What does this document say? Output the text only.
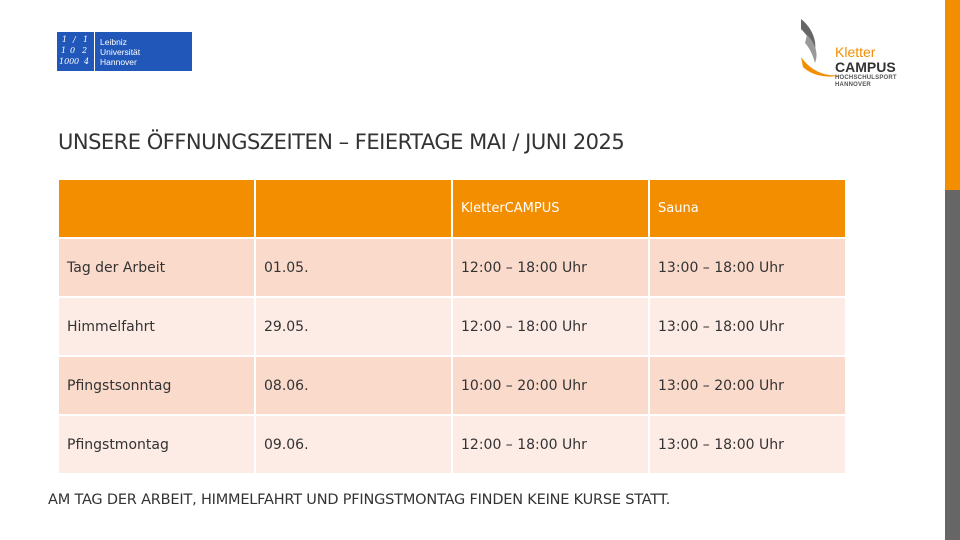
1 / 1
1 0 2
100 0 4
Leibniz
Universität
Hannover
Kletter
CAMPUS
HOCHSCHULSPORT
HANNOVER
UNSERE ÖFFNUNGSZEITEN – FEIERTAGE MAI / JUNI 2025
		KletterCAMPUS	Sauna
Tag der Arbeit	01.05.	12:00 – 18:00 Uhr	13:00 – 18:00 Uhr
Himmelfahrt	29.05.	12:00 – 18:00 Uhr	13:00 – 18:00 Uhr
Pfingstsonntag	08.06.	10:00 – 20:00 Uhr	13:00 – 20:00 Uhr
Pfingstmontag	09.06.	12:00 – 18:00 Uhr	13:00 – 18:00 Uhr
AM TAG DER ARBEIT, HIMMELFAHRT UND PFINGSTMONTAG FINDEN KEINE KURSE STATT.
